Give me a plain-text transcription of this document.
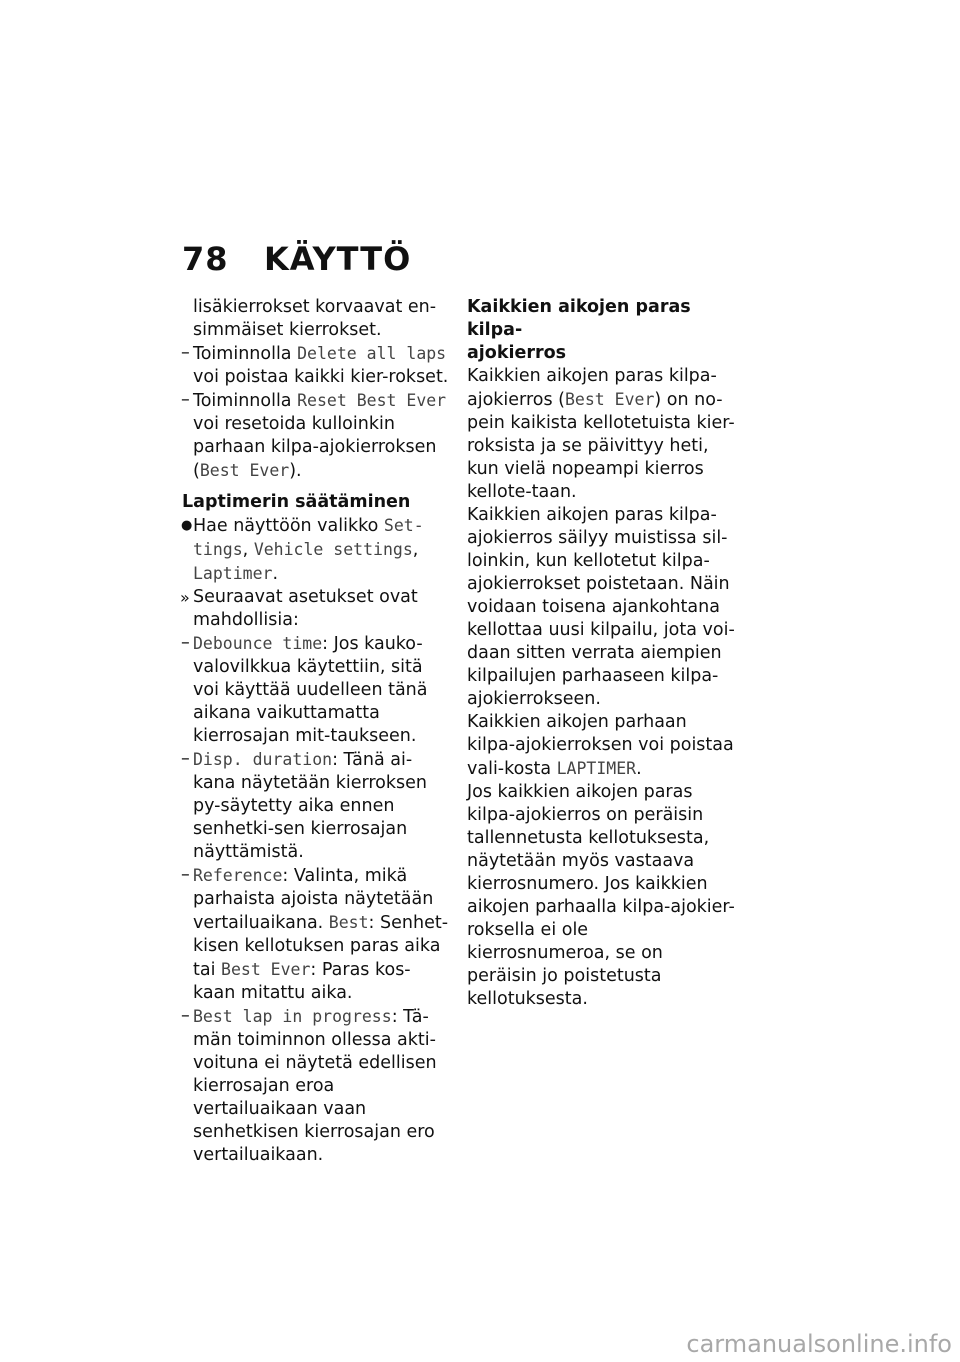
78 KÄYTTÖ
lisäkierrokset korvaavat en-
simmäiset kierrokset.
– Toiminnolla Delete all laps voi poistaa kaikki kier-rokset.
– Toiminnolla Reset Best Ever voi resetoida kulloinkin parhaan kilpa-ajokierroksen (Best Ever).
Laptimerin säätäminen
● Hae näyttöön valikko Set-tings, Vehicle settings, Laptimer.
» Seuraavat asetukset ovat mahdollisia:
– Debounce time: Jos kauko-valovilkkua käytettiin, sitä voi käyttää uudelleen tänä aikana vaikuttamatta kierrosajan mit-taukseen.
– Disp. duration: Tänä ai-kana näytetään kierroksen py-säytetty aika ennen senhetki-sen kierrosajan näyttämistä.
– Reference: Valinta, mikä parhaista ajoista näytetään vertailuaikana. Best: Senhet-kisen kellotuksen paras aika tai Best Ever: Paras kos-kaan mitattu aika.
– Best lap in progress: Tä-män toiminnon ollessa akti-voituna ei näytetä edellisen kierrosajan eroa vertailuaikaan vaan senhetkisen kierrosajan ero vertailuaikaan.
Kaikkien aikojen paras kilpa-
ajokierros
Kaikkien aikojen paras kilpa-ajokierros (Best Ever) on no-pein kaikista kellotetuista kier-roksista ja se päivittyy heti, kun vielä nopeampi kierros kellote-taan.
Kaikkien aikojen paras kilpa-ajokierros säilyy muistissa sil-loinkin, kun kellotetut kilpa-ajokierrokset poistetaan. Näin voidaan toisena ajankohtana kellottaa uusi kilpailu, jota voi-daan sitten verrata aiempien kilpailujen parhaaseen kilpa-ajokierrokseen.
Kaikkien aikojen parhaan kilpa-ajokierroksen voi poistaa vali-kosta LAPTIMER.
Jos kaikkien aikojen paras kilpa-ajokierros on peräisin tallennetusta kellotuksesta, näytetään myös vastaava kierrosnumero. Jos kaikkien aikojen parhaalla kilpa-ajokier-roksella ei ole kierrosnumeroa, se on peräisin jo poistetusta kellotuksesta.
carmanualsonline.info
